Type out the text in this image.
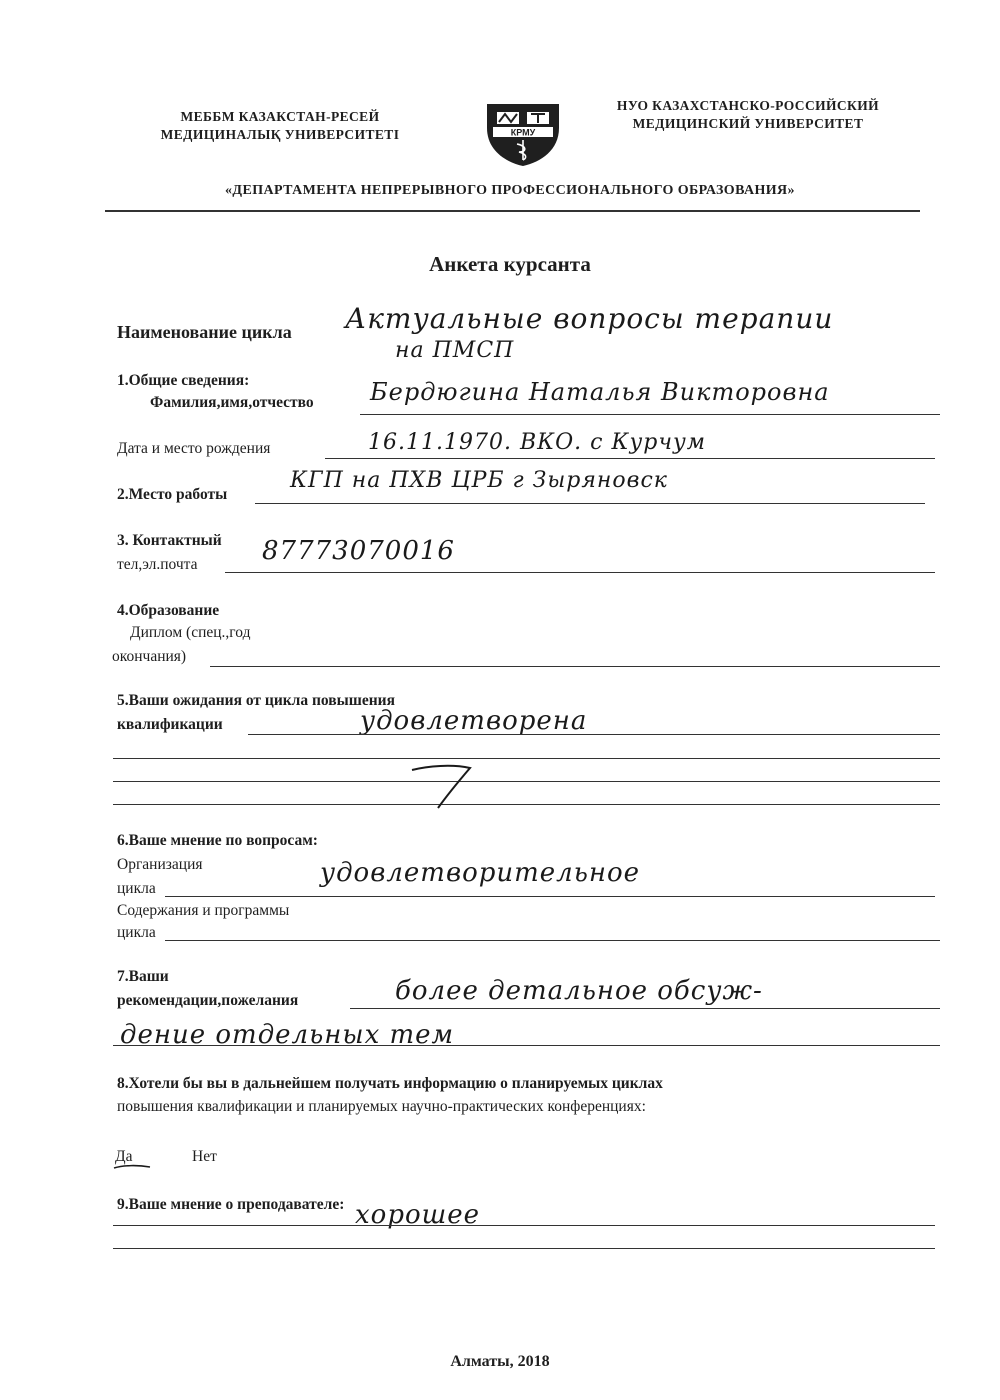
МЕББМ КАЗАКСТАН-РЕСЕЙ
МЕДИЦИНАЛЫҚ УНИВЕРСИТЕТІ	КРМУ
НУО КАЗАХСТАНСКО-РОССИЙСКИЙ
МЕДИЦИНСКИЙ УНИВЕРСИТЕТ
«ДЕПАРТАМЕНТА НЕПРЕРЫВНОГО ПРОФЕССИОНАЛЬНОГО ОБРАЗОВАНИЯ»
Анкета курсанта
Наименование цикла Актуальные вопросы терапии
на ПМСП
1.Общие сведения:
Фамилия,имя,отчество Бердюгина Наталья Викторовна
Дата и место рождения	16.11.1970. ВКО. с Курчум
2.Место работы
КГП на ПХВ ЦРБ г Зыряновск
3. Контактный
тел,эл.почта 87773070016
4.Образование
Диплом (спец.,год
окончания)
5.Ваши ожидания от цикла повышения
квалификации	удовлетворена
6.Ваше мнение по вопросам:
Организация
цикла
удовлетворительное
Содержания и программы
цикла
7.Ваши
рекомендации,пожелания	более детальное обсуж-
дение отдельных тем
8.Хотели бы вы в дальнейшем получать информацию о планируемых циклах
повышения квалификации и планируемых научно-практических конференциях:
Да	Нет
9.Ваше мнение о преподавателе: хорошее
Алматы, 2018
